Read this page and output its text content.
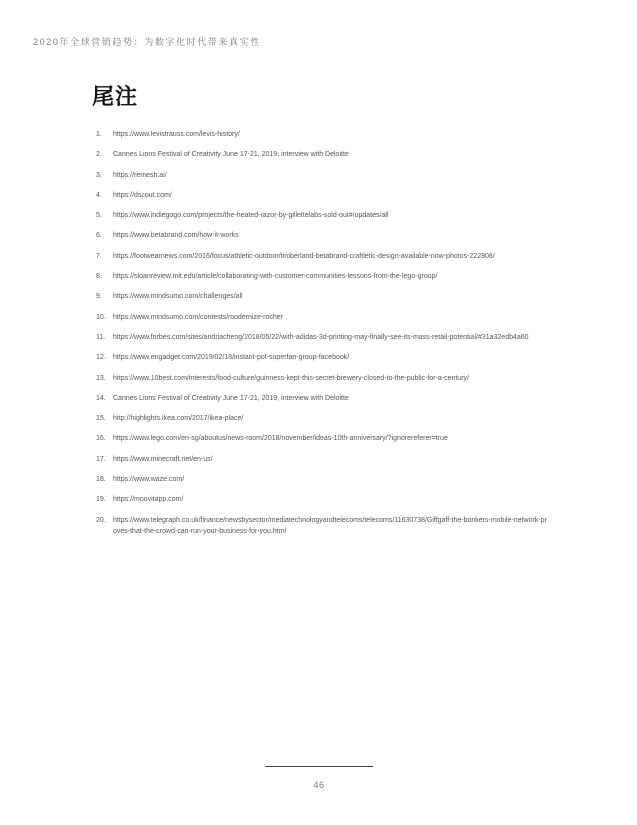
2020年全球营销趋势：为数字化时代带来真实性
尾注
1.	https://www.levistrauss.com/levis-history/
2.	Cannes Lions Festival of Creativity June 17-21, 2019; interview with Deloitte
3.	https://remesh.ai/
4.	https://dscout.com/
5.	https://www.indiegogo.com/projects/the-heated-razor-by-gillettelabs-sold-out#/updates/all
6.	https://www.betabrand.com/how-it-works
7.	https://footwearnews.com/2016/focus/athletic-outdoor/timberland-betabrand-craftletic-design-available-now-photos-222808/
8.	https://sloanreview.mit.edu/article/collaborating-with-customer-communities-lessons-from-the-lego-group/
9.	https://www.mindsumo.com/challenges/all
10.	https://www.mindsumo.com/contests/modernize-rocher
11.	https://www.forbes.com/sites/andriacheng/2018/05/22/with-adidas-3d-printing-may-finally-see-its-mass-retail-potential/#31a32edb4a60
12.	https://www.engadget.com/2019/02/18/instant-pot-superfan-group-facebook/
13.	https://www.10best.com/interests/food-culture/guinness-kept-this-secret-brewery-closed-to-the-public-for-a-century/
14.	Cannes Lions Festival of Creativity June 17-21, 2019; interview with Deloitte
15.	http://highlights.ikea.com/2017/ikea-place/
16.	https://www.lego.com/en-sg/aboutus/news-room/2018/november/ideas-10th-anniversary/?ignorereferer=true
17.	https://www.minecraft.net/en-us/
18.	https://www.waze.com/
19.	https://moovitapp.com/
20.	https://www.telegraph.co.uk/finance/newsbysector/mediatechnologyandtelecoms/telecoms/11630738/Giffgaff-the-bonkers-mobile-network-proves-that-the-crowd-can-run-your-business-for-you.html
46
